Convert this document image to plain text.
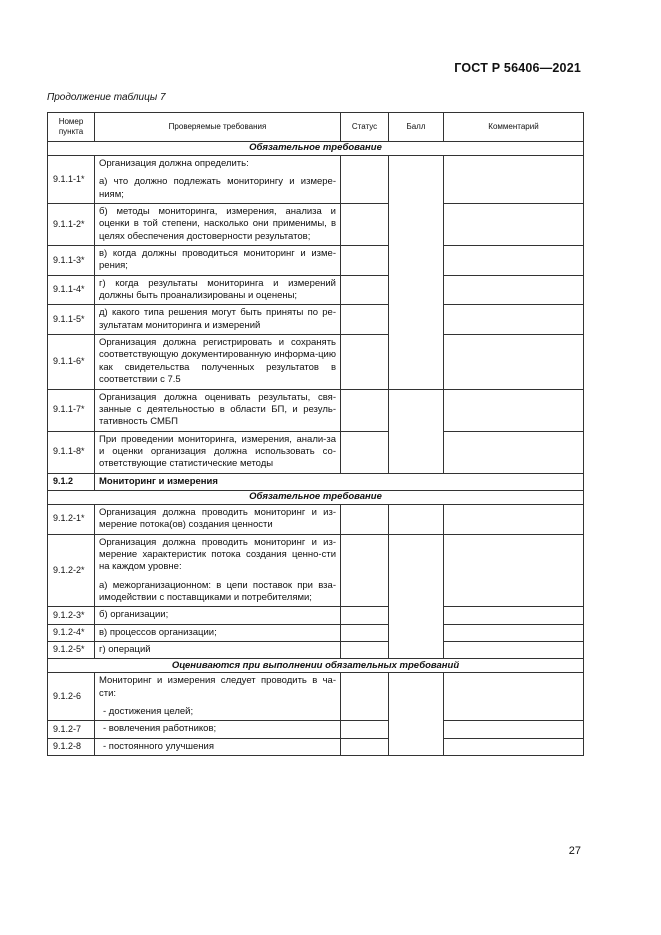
ГОСТ Р 56406—2021
Продолжение таблицы 7
Номер пункта	Проверяемые требования	Статус	Балл	Комментарий
Обязательное требование				
9.1.1-1*	Организация должна определить:

а) что должно подлежать мониторингу и измере-ниям;			

9.1.1-2*	б) методы мониторинга, измерения, анализа и оценки в той степени, насколько они применимы, в целях обеспечения достоверности результатов;			
9.1.1-3*	в) когда должны проводиться мониторинг и изме-рения;			
9.1.1-4*	г) когда результаты мониторинга и измерений должны быть проанализированы и оценены;			
9.1.1-5*	д) какого типа решения могут быть приняты по ре-зультатам мониторинга и измерений			
9.1.1-6*	Организация должна регистрировать и сохранять соответствующую документированную информа-цию как свидетельства полученных результатов в соответствии с 7.5			
9.1.1-7*	Организация должна оценивать результаты, свя-занные с деятельностью в области БП, и резуль-тативность СМБП			
9.1.1-8*	При проведении мониторинга, измерения, анали-за и оценки организация должна использовать со-ответствующие статистические методы			
9.1.2	Мониторинг и измерения			
Обязательное требование				
9.1.2-1*	Организация должна проводить мониторинг и из-мерение потока(ов) создания ценности			
9.1.2-2*	Организация должна проводить мониторинг и из-мерение характеристик потока создания ценно-сти на каждом уровне:

а) межорганизационном: в цепи поставок при вза-имодействии с поставщиками и потребителями;			

9.1.2-3*	б) организации;			
9.1.2-4*	в) процессов организации;			
9.1.2-5*	г) операций			
Оцениваются при выполнении обязательных требований				
9.1.2-6	Мониторинг и измерения следует проводить в ча-сти:

- достижения целей;			

9.1.2-7	- вовлечения работников;			
9.1.2-8	- постоянного улучшения			
27
